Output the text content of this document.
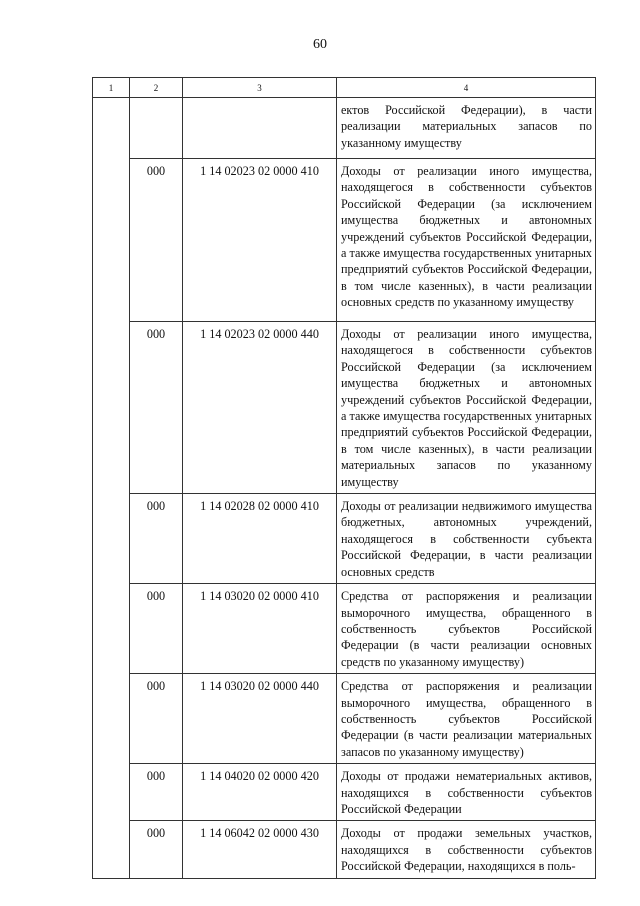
60
1	2	3	4

			ектов Российской Федерации), в части реализации материальных запасов по указанному имуществу

	000	1 14 02023 02 0000 410	Доходы от реализации иного имущества, находящегося в собственности субъектов Российской Федерации (за исключением имущества бюджетных и автономных учреждений субъектов Российской Федерации, а также имущества государственных унитарных предприятий субъектов Российской Федерации, в том числе казенных), в части реализации основных средств по указанному имуществу

	000	1 14 02023 02 0000 440	Доходы от реализации иного имущества, находящегося в собственности субъектов Российской Федерации (за исключением имущества бюджетных и автономных учреждений субъектов Российской Федерации, а также имущества государственных унитарных предприятий субъектов Российской Федерации, в том числе казенных), в части реализации материальных запасов по указанному имуществу

	000	1 14 02028 02 0000 410	Доходы от реализации недвижимого имущества бюджетных, автономных учреждений, находящегося в собственности субъекта Российской Федерации, в части реализации основных средств

	000	1 14 03020 02 0000 410	Средства от распоряжения и реализации выморочного имущества, обращенного в собственность субъектов Российской Федерации (в части реализации основных средств по указанному имуществу)

	000	1 14 03020 02 0000 440	Средства от распоряжения и реализации выморочного имущества, обращенного в собственность субъектов Российской Федерации (в части реализации материальных запасов по указанному имуществу)

	000	1 14 04020 02 0000 420	Доходы от продажи нематериальных активов, находящихся в собственности субъектов Российской Федерации

	000	1 14 06042 02 0000 430	Доходы от продажи земельных участков, находящихся в собственности субъектов Российской Федерации, находящихся в поль-
